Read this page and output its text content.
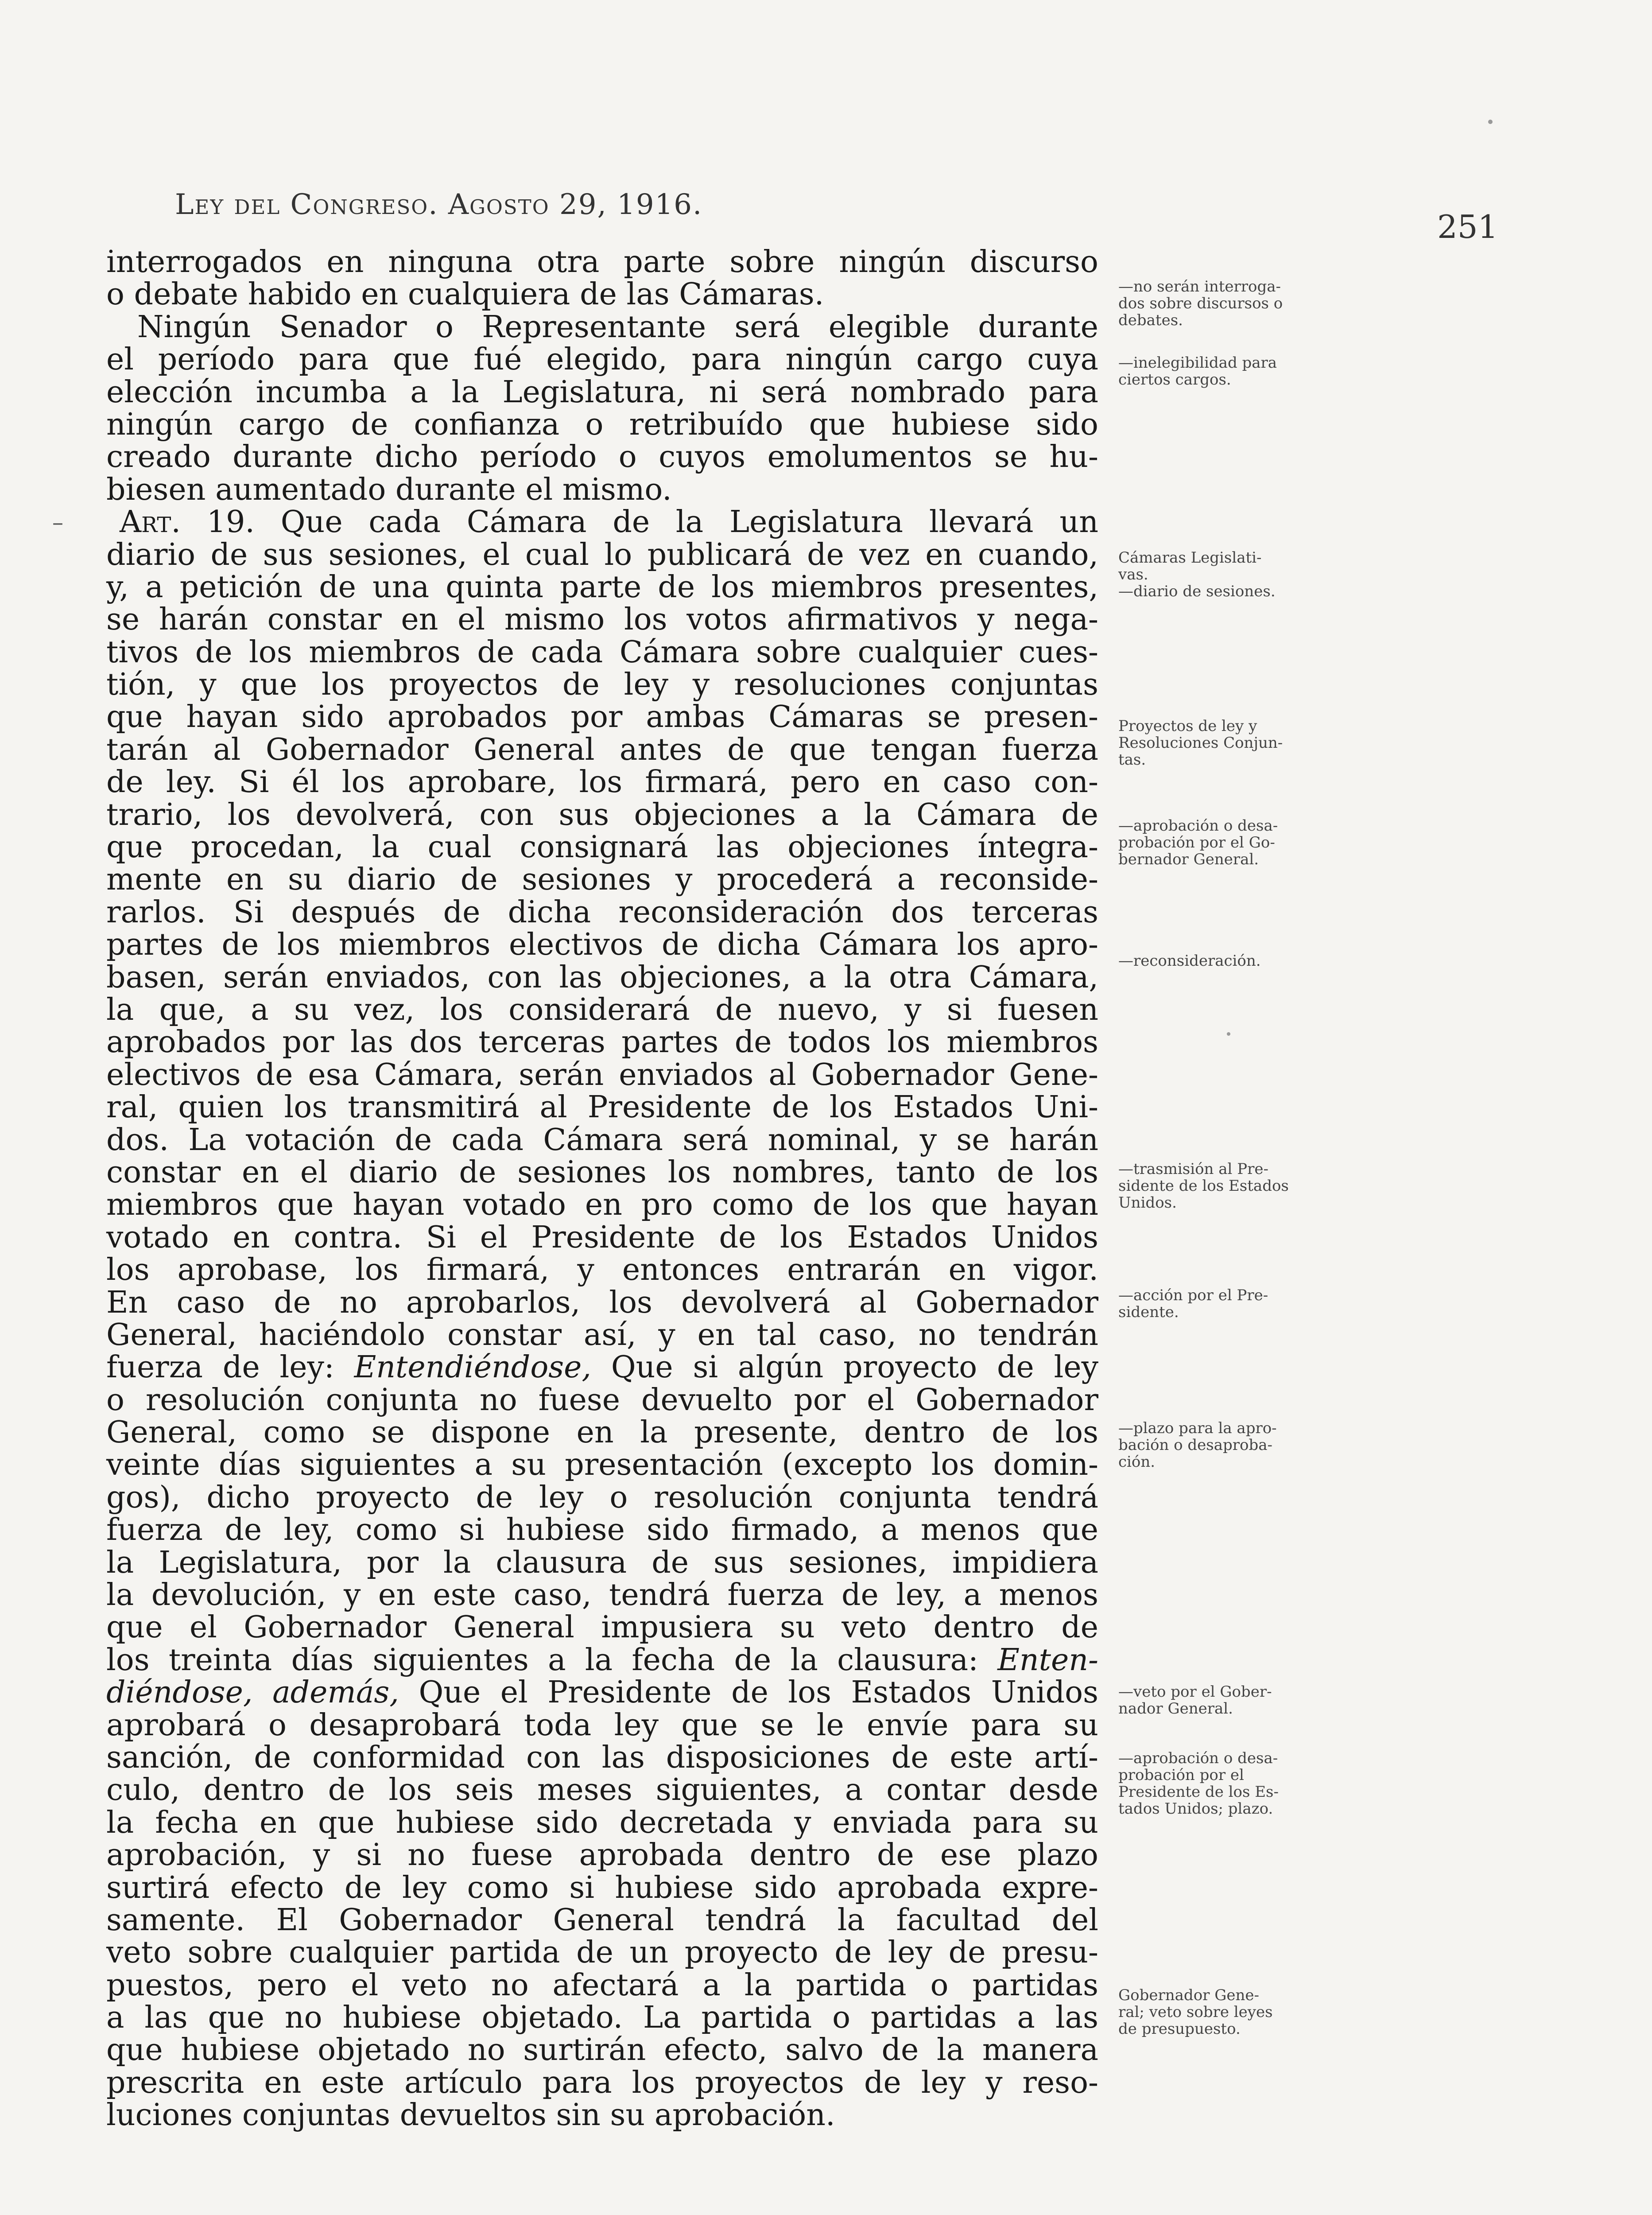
Ley del Congreso. Agosto 29, 1916.
251
–
interrogados en ninguna otra parte sobre ningún discurso
o debate habido en cualquiera de las Cámaras.
Ningún Senador o Representante será elegible durante
el período para que fué elegido, para ningún cargo cuya
elección incumba a la Legislatura, ni será nombrado para
ningún cargo de confianza o retribuído que hubiese sido
creado durante dicho período o cuyos emolumentos se hu-
biesen aumentado durante el mismo.
Art. 19. Que cada Cámara de la Legislatura llevará un
diario de sus sesiones, el cual lo publicará de vez en cuando,
y, a petición de una quinta parte de los miembros presentes,
se harán constar en el mismo los votos afirmativos y nega-
tivos de los miembros de cada Cámara sobre cualquier cues-
tión, y que los proyectos de ley y resoluciones conjuntas
que hayan sido aprobados por ambas Cámaras se presen-
tarán al Gobernador General antes de que tengan fuerza
de ley. Si él los aprobare, los firmará, pero en caso con-
trario, los devolverá, con sus objeciones a la Cámara de
que procedan, la cual consignará las objeciones íntegra-
mente en su diario de sesiones y procederá a reconside-
rarlos. Si después de dicha reconsideración dos terceras
partes de los miembros electivos de dicha Cámara los apro-
basen, serán enviados, con las objeciones, a la otra Cámara,
la que, a su vez, los considerará de nuevo, y si fuesen
aprobados por las dos terceras partes de todos los miembros
electivos de esa Cámara, serán enviados al Gobernador Gene-
ral, quien los transmitirá al Presidente de los Estados Uni-
dos. La votación de cada Cámara será nominal, y se harán
constar en el diario de sesiones los nombres, tanto de los
miembros que hayan votado en pro como de los que hayan
votado en contra. Si el Presidente de los Estados Unidos
los aprobase, los firmará, y entonces entrarán en vigor.
En caso de no aprobarlos, los devolverá al Gobernador
General, haciéndolo constar así, y en tal caso, no tendrán
fuerza de ley: Entendiéndose, Que si algún proyecto de ley
o resolución conjunta no fuese devuelto por el Gobernador
General, como se dispone en la presente, dentro de los
veinte días siguientes a su presentación (excepto los domin-
gos), dicho proyecto de ley o resolución conjunta tendrá
fuerza de ley, como si hubiese sido firmado, a menos que
la Legislatura, por la clausura de sus sesiones, impidiera
la devolución, y en este caso, tendrá fuerza de ley, a menos
que el Gobernador General impusiera su veto dentro de
los treinta días siguientes a la fecha de la clausura: Enten-
diéndose, además, Que el Presidente de los Estados Unidos
aprobará o desaprobará toda ley que se le envíe para su
sanción, de conformidad con las disposiciones de este artí-
culo, dentro de los seis meses siguientes, a contar desde
la fecha en que hubiese sido decretada y enviada para su
aprobación, y si no fuese aprobada dentro de ese plazo
surtirá efecto de ley como si hubiese sido aprobada expre-
samente. El Gobernador General tendrá la facultad del
veto sobre cualquier partida de un proyecto de ley de presu-
puestos, pero el veto no afectará a la partida o partidas
a las que no hubiese objetado. La partida o partidas a las
que hubiese objetado no surtirán efecto, salvo de la manera
prescrita en este artículo para los proyectos de ley y reso-
luciones conjuntas devueltos sin su aprobación.
—no serán interroga-
dos sobre discursos o
debates.
—inelegibilidad para
ciertos cargos.
Cámaras Legislati-
vas.
—diario de sesiones.
Proyectos de ley y
Resoluciones Conjun-
tas.
—aprobación o desa-
probación por el Go-
bernador General.
—reconsideración.
—trasmisión al Pre-
sidente de los Estados
Unidos.
—acción por el Pre-
sidente.
—plazo para la apro-
bación o desaproba-
ción.
—veto por el Gober-
nador General.
—aprobación o desa-
probación por el
Presidente de los Es-
tados Unidos; plazo.
Gobernador Gene-
ral; veto sobre leyes
de presupuesto.
